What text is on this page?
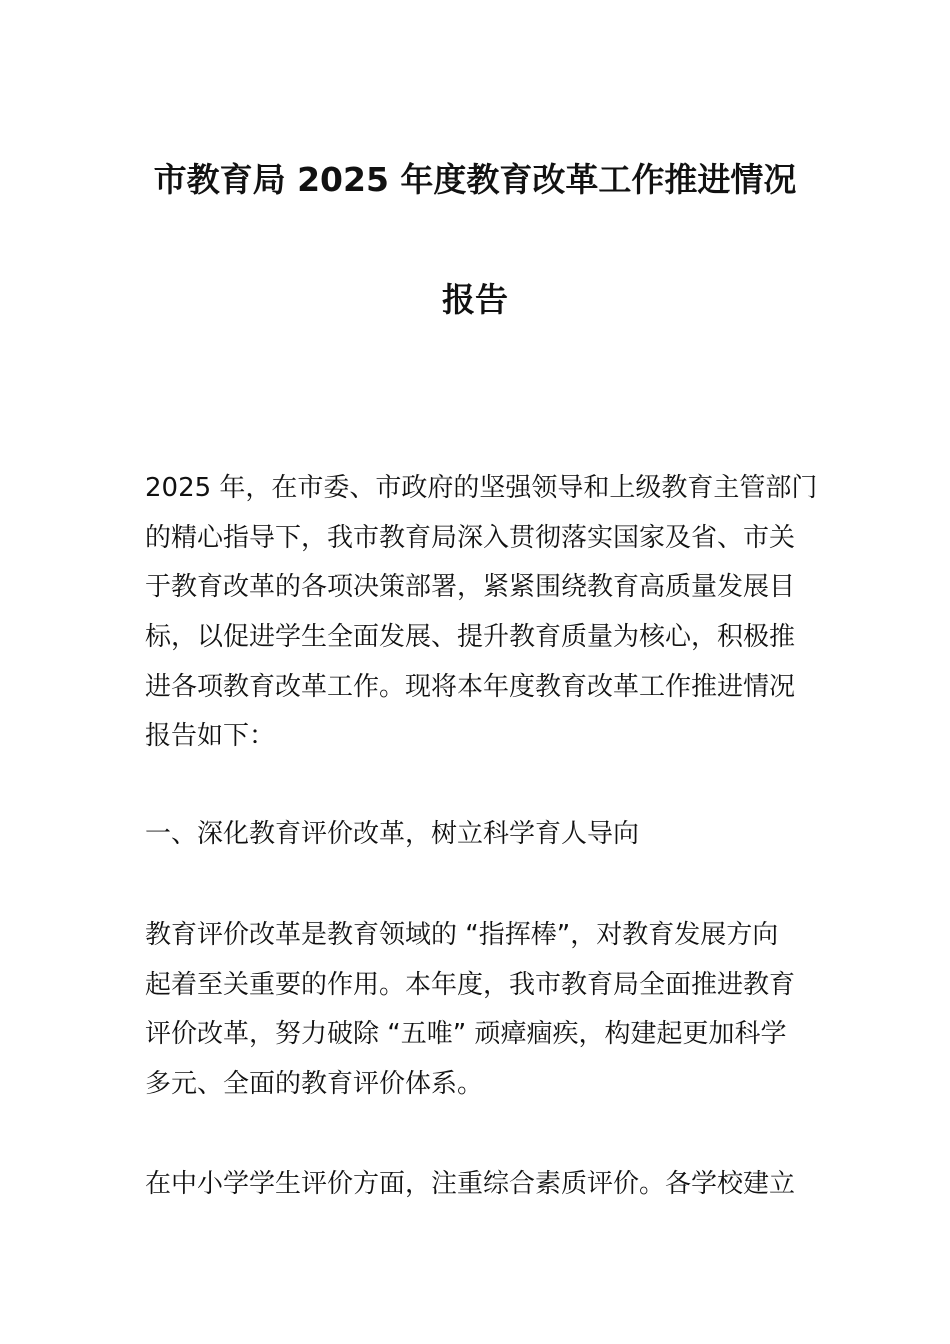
市教育局 2025 年度教育改革工作推进情况
报告
2025 年，在市委、市政府的坚强领导和上级教育主管部门
的精心指导下，我市教育局深入贯彻落实国家及省、市关
于教育改革的各项决策部署，紧紧围绕教育高质量发展目
标，以促进学生全面发展、提升教育质量为核心，积极推
进各项教育改革工作。现将本年度教育改革工作推进情况
报告如下：
一、深化教育评价改革，树立科学育人导向
教育评价改革是教育领域的 “指挥棒”，对教育发展方向
起着至关重要的作用。本年度，我市教育局全面推进教育
评价改革，努力破除 “五唯” 顽瘴痼疾，构建起更加科学
多元、全面的教育评价体系。
在中小学学生评价方面，注重综合素质评价。各学校建立
